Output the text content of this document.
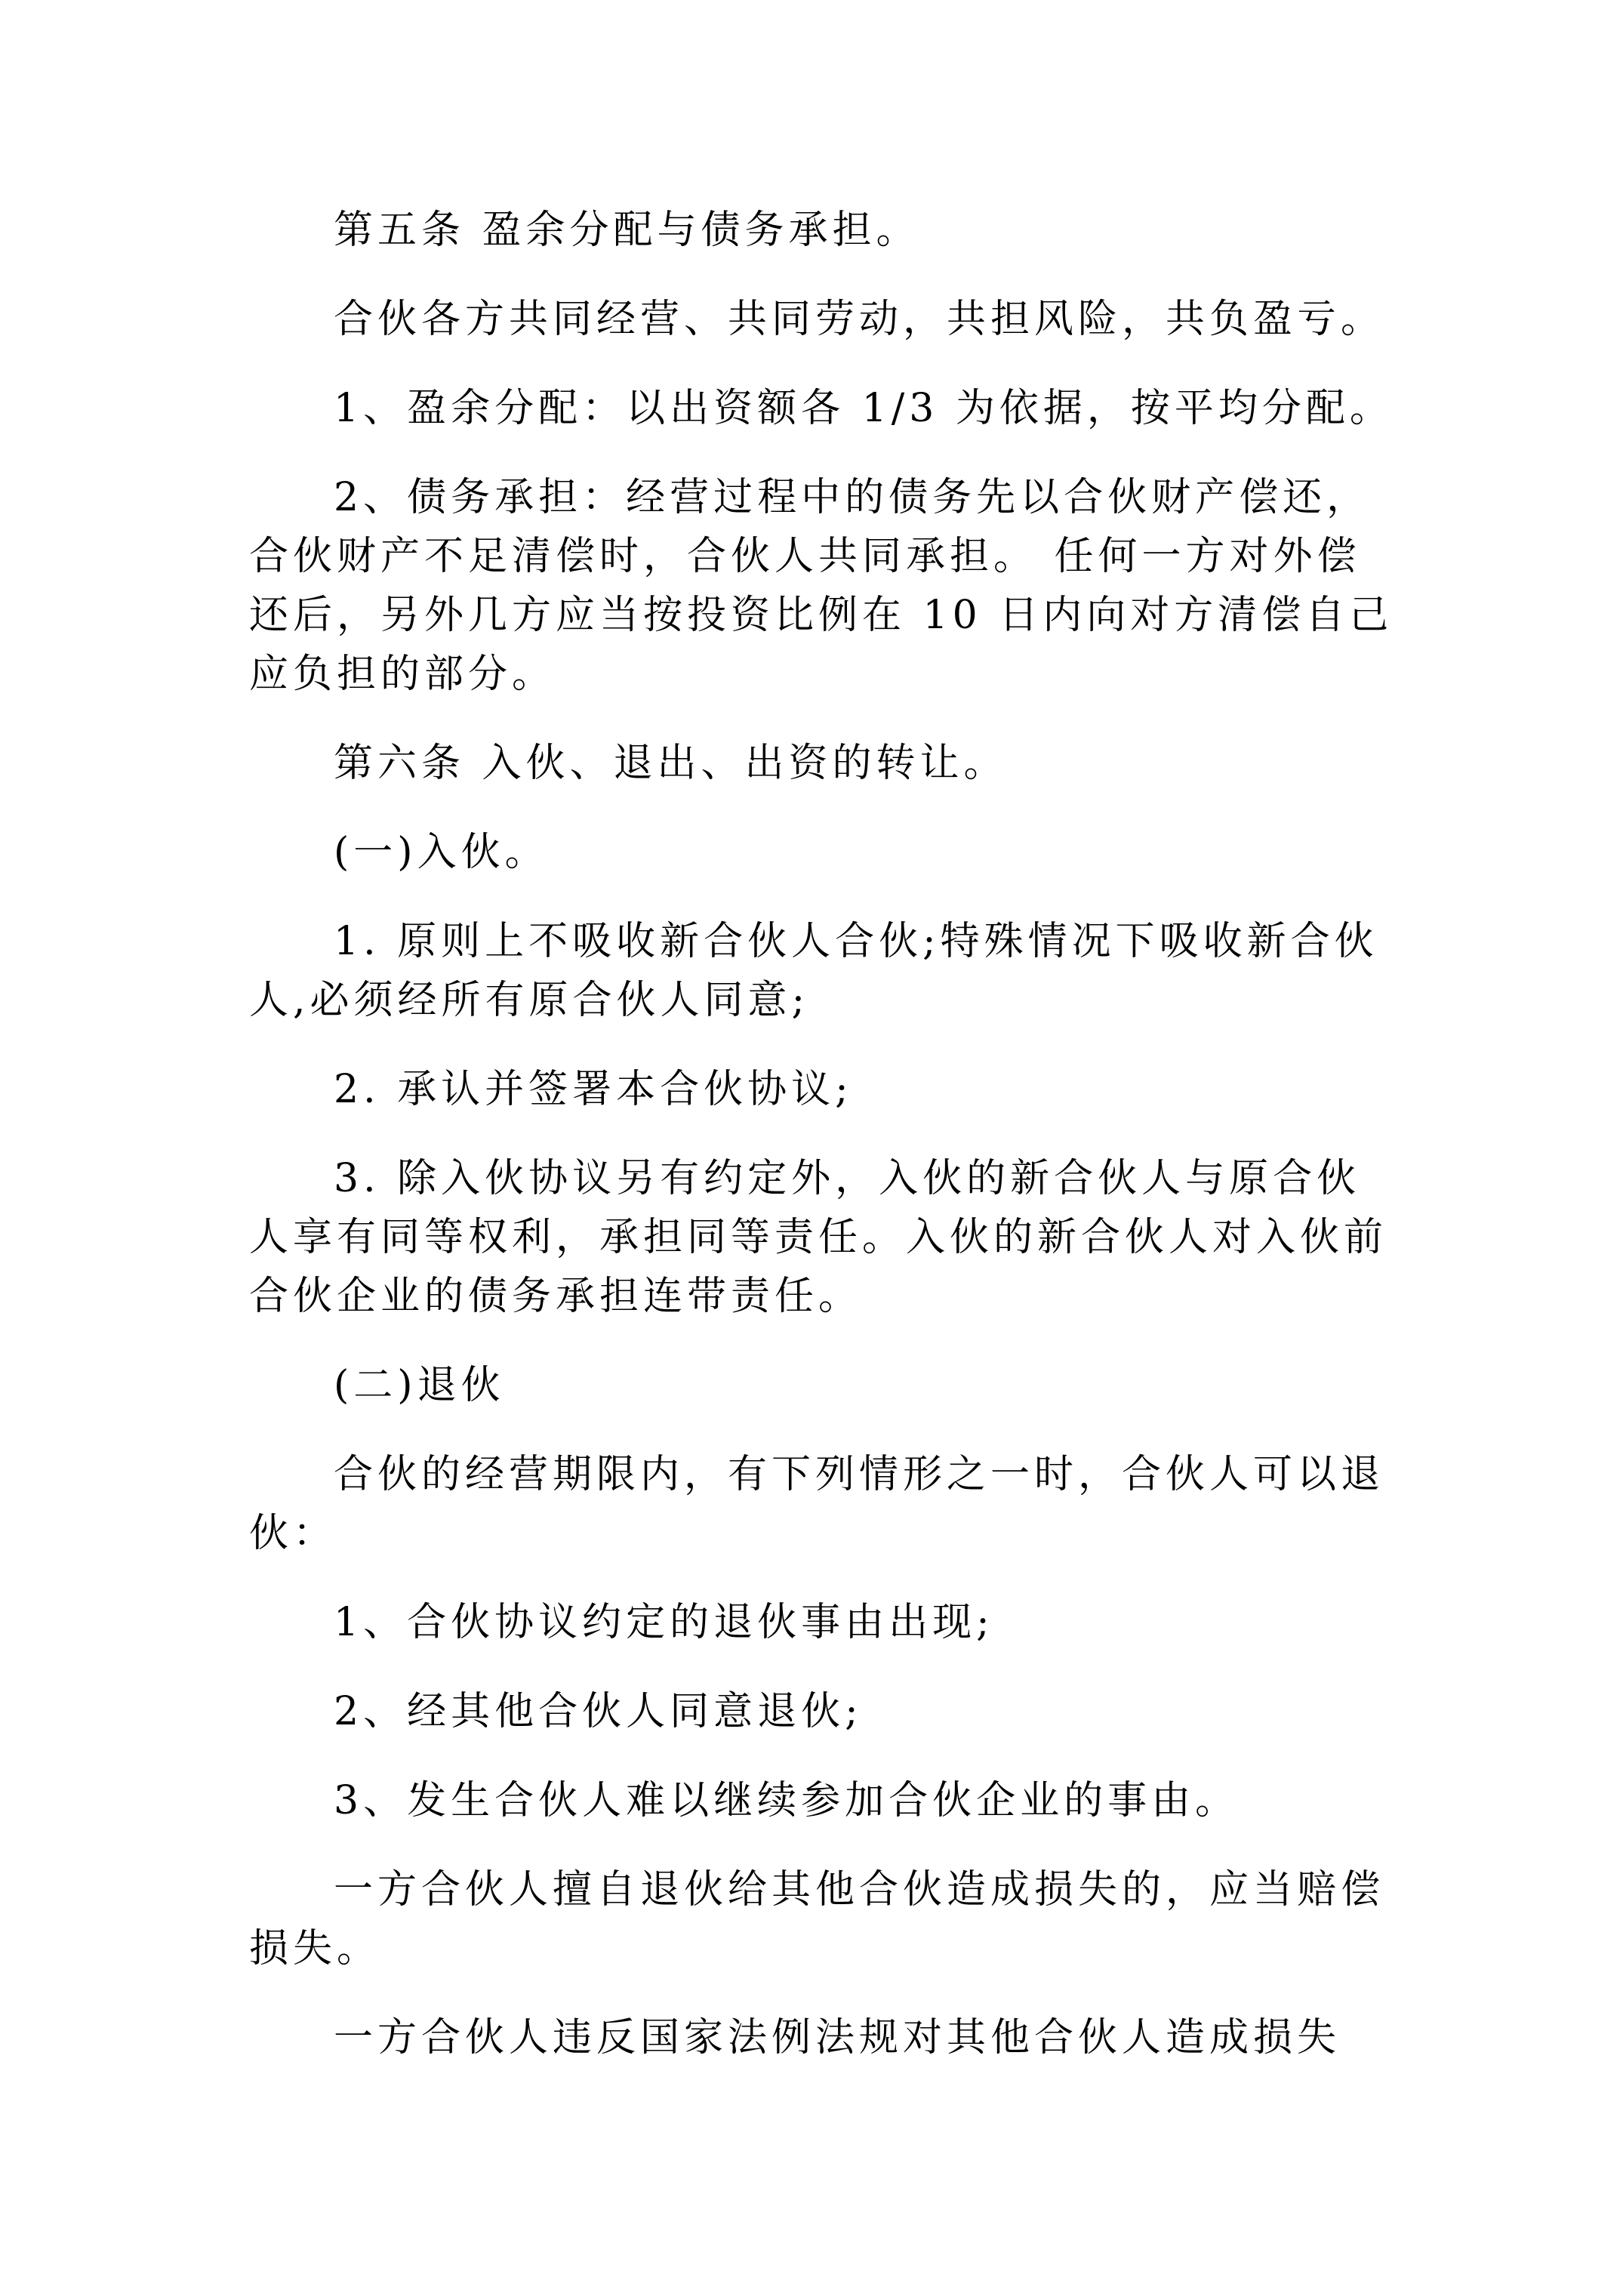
第五条 盈余分配与债务承担。
合伙各方共同经营、共同劳动，共担风险，共负盈亏。
1、盈余分配：以出资额各 1/3 为依据，按平均分配。
2、债务承担：经营过程中的债务先以合伙财产偿还，
合伙财产不足清偿时，合伙人共同承担。 任何一方对外偿
还后，另外几方应当按投资比例在 10 日内向对方清偿自己
应负担的部分。
第六条 入伙、退出、出资的转让。
(一)入伙。
1. 原则上不吸收新合伙人合伙;特殊情况下吸收新合伙
人,必须经所有原合伙人同意;
2. 承认并签署本合伙协议;
3. 除入伙协议另有约定外，入伙的新合伙人与原合伙
人享有同等权利，承担同等责任。入伙的新合伙人对入伙前
合伙企业的债务承担连带责任。
(二)退伙
合伙的经营期限内，有下列情形之一时，合伙人可以退
伙：
1、合伙协议约定的退伙事由出现;
2、经其他合伙人同意退伙;
3、发生合伙人难以继续参加合伙企业的事由。
一方合伙人擅自退伙给其他合伙造成损失的，应当赔偿
损失。
一方合伙人违反国家法例法规对其他合伙人造成损失
